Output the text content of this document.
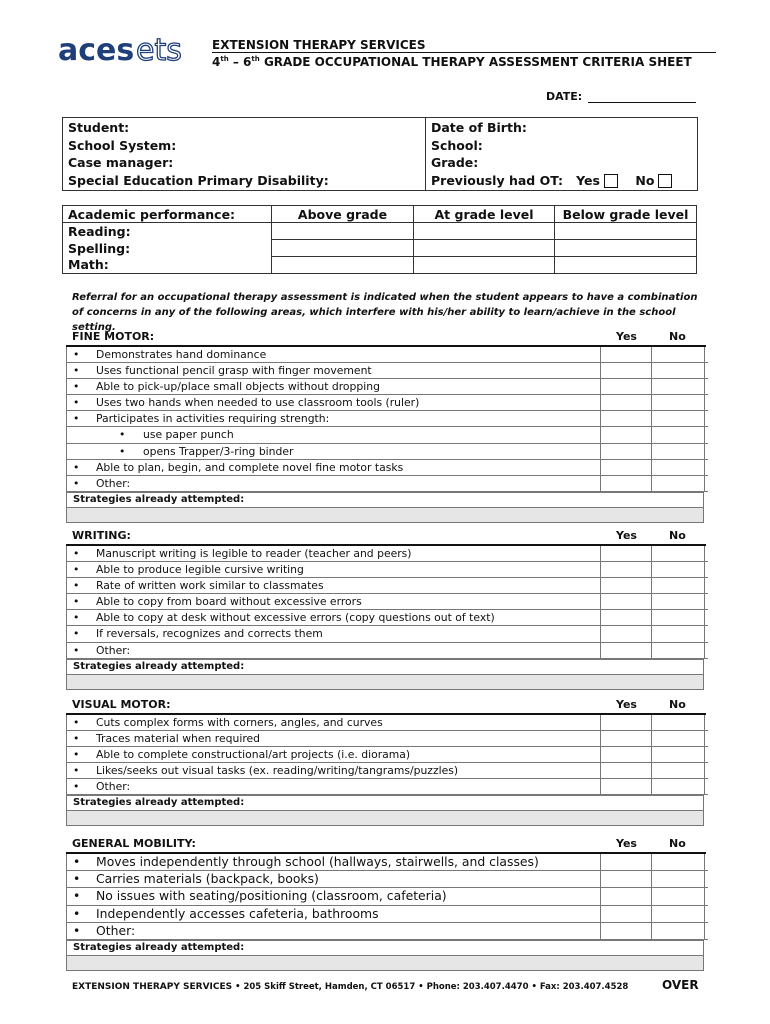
aces ets	EXTENSION THERAPY SERVICES
4th – 6th GRADE OCCUPATIONAL THERAPY ASSESSMENT CRITERIA SHEET
DATE:
Student:
School System:
Case manager:
Special Education Primary Disability:

Date of Birth:
School:
Grade:
Previously had OT: Yes	No
Academic performance:	Above grade	At grade level	Below grade level
Reading:			
Spelling:			
Math:			
Referral for an occupational therapy assessment is indicated when the student appears to have a combination of concerns in any of the following areas, which interfere with his/her ability to learn/achieve in the school setting.
FINE MOTOR:	Yes	No
• Demonstrates hand dominance
• Uses functional pencil grasp with finger movement
• Able to pick-up/place small objects without dropping
• Uses two hands when needed to use classroom tools (ruler)
• Participates in activities requiring strength:
• use paper punch
• opens Trapper/3-ring binder
• Able to plan, begin, and complete novel fine motor tasks
• Other:
Strategies already attempted:
WRITING:	Yes	No
• Manuscript writing is legible to reader (teacher and peers)
• Able to produce legible cursive writing
• Rate of written work similar to classmates
• Able to copy from board without excessive errors
• Able to copy at desk without excessive errors (copy questions out of text)
• If reversals, recognizes and corrects them
• Other:
Strategies already attempted:
VISUAL MOTOR:	Yes	No
• Cuts complex forms with corners, angles, and curves
• Traces material when required
• Able to complete constructional/art projects (i.e. diorama)
• Likes/seeks out visual tasks (ex. reading/writing/tangrams/puzzles)
• Other:
Strategies already attempted:
GENERAL MOBILITY:	Yes	No
• Moves independently through school (hallways, stairwells, and classes)
• Carries materials (backpack, books)
• No issues with seating/positioning (classroom, cafeteria)
• Independently accesses cafeteria, bathrooms
• Other:
Strategies already attempted:
EXTENSION THERAPY SERVICES • 205 Skiff Street, Hamden, CT 06517 • Phone: 203.407.4470 • Fax: 203.407.4528	OVER
